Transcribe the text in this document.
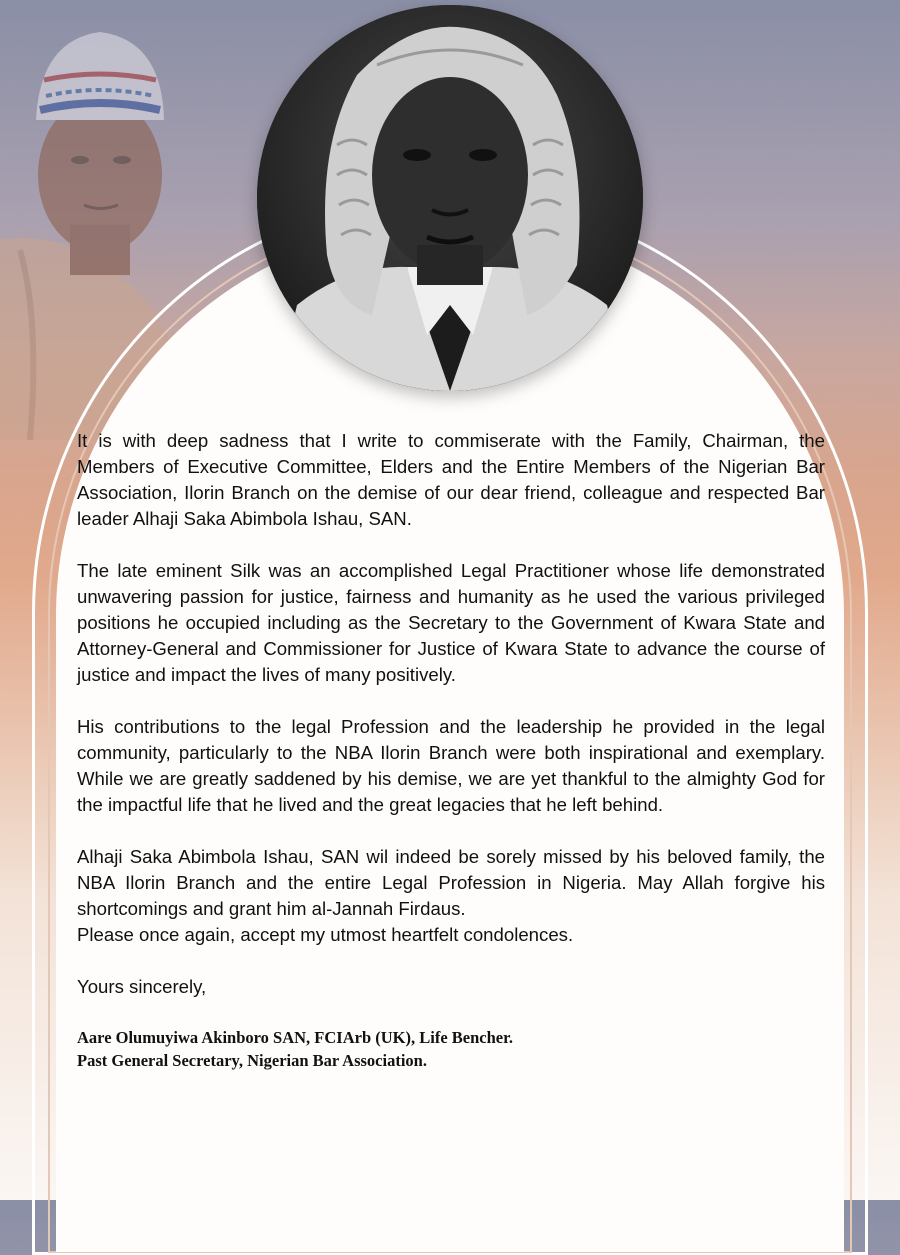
It is with deep sadness that I write to commiserate with the Family, Chairman, the Members of Executive Committee, Elders and the Entire Members of the Nigerian Bar Association, Ilorin Branch on the demise of our dear friend, colleague and respected Bar leader Alhaji Saka Abimbola Ishau, SAN.

The late eminent Silk was an accomplished Legal Practitioner whose life demonstrated unwavering passion for justice, fairness and humanity as he used the various privileged positions he occupied including as the Secretary to the Government of Kwara State and Attorney-General and Commissioner for Justice of Kwara State to advance the course of justice and impact the lives of many positively.

His contributions to the legal Profession and the leadership he provided in the legal community, particularly to the NBA Ilorin Branch were both inspirational and exemplary. While we are greatly saddened by his demise, we are yet thankful to the almighty God for the impactful life that he lived and the great legacies that he left behind.

Alhaji Saka Abimbola Ishau, SAN wil indeed be sorely missed by his beloved family, the NBA Ilorin Branch and the entire Legal Profession in Nigeria. May Allah forgive his shortcomings and grant him al-Jannah Firdaus.

Please once again, accept my utmost heartfelt condolences.

Yours sincerely,
Aare Olumuyiwa Akinboro SAN, FCIArb (UK), Life Bencher.
Past General Secretary, Nigerian Bar Association.
